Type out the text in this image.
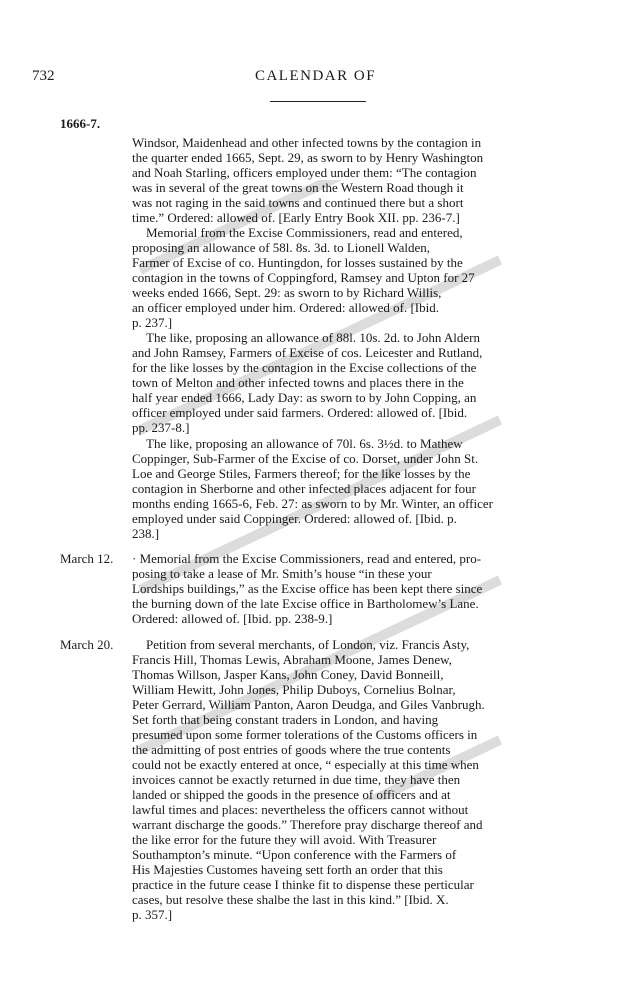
732	CALENDAR OF
1666-7.
Windsor, Maidenhead and other infected towns by the contagion in
the quarter ended 1665, Sept. 29, as sworn to by Henry Washington
and Noah Starling, officers employed under them: “The contagion
was in several of the great towns on the Western Road though it
was not raging in the said towns and continued there but a short
time.” Ordered: allowed of. [Early Entry Book XII. pp. 236-7.]
Memorial from the Excise Commissioners, read and entered,
proposing an allowance of 58l. 8s. 3d. to Lionell Walden,
Farmer of Excise of co. Huntingdon, for losses sustained by the
contagion in the towns of Coppingford, Ramsey and Upton for 27
weeks ended 1666, Sept. 29: as sworn to by Richard Willis,
an officer employed under him. Ordered: allowed of. [Ibid.
p. 237.]
The like, proposing an allowance of 88l. 10s. 2d. to John Aldern
and John Ramsey, Farmers of Excise of cos. Leicester and Rutland,
for the like losses by the contagion in the Excise collections of the
town of Melton and other infected towns and places there in the
half year ended 1666, Lady Day: as sworn to by John Copping, an
officer employed under said farmers. Ordered: allowed of. [Ibid.
pp. 237-8.]
The like, proposing an allowance of 70l. 6s. 3½d. to Mathew
Coppinger, Sub-Farmer of the Excise of co. Dorset, under John St.
Loe and George Stiles, Farmers thereof; for the like losses by the
contagion in Sherborne and other infected places adjacent for four
months ending 1665-6, Feb. 27: as sworn to by Mr. Winter, an officer
employed under said Coppinger. Ordered: allowed of. [Ibid. p.
238.]
March 12. · Memorial from the Excise Commissioners, read and entered, pro-
posing to take a lease of Mr. Smith’s house “in these your
Lordships buildings,” as the Excise office has been kept there since
the burning down of the late Excise office in Bartholomew’s Lane.
Ordered: allowed of. [Ibid. pp. 238-9.]
March 20.	Petition from several merchants, of London, viz. Francis Asty,
Francis Hill, Thomas Lewis, Abraham Moone, James Denew,
Thomas Willson, Jasper Kans, John Coney, David Bonneill,
William Hewitt, John Jones, Philip Duboys, Cornelius Bolnar,
Peter Gerrard, William Panton, Aaron Deudga, and Giles Vanbrugh.
Set forth that being constant traders in London, and having
presumed upon some former tolerations of the Customs officers in
the admitting of post entries of goods where the true contents
could not be exactly entered at once, “ especially at this time when
invoices cannot be exactly returned in due time, they have then
landed or shipped the goods in the presence of officers and at
lawful times and places: nevertheless the officers cannot without
warrant discharge the goods.” Therefore pray discharge thereof and
the like error for the future they will avoid. With Treasurer
Southampton’s minute. “Upon conference with the Farmers of
His Majesties Customes haveing sett forth an order that this
practice in the future cease I thinke fit to dispense these perticular
cases, but resolve these shalbe the last in this kind.” [Ibid. X.
p. 357.]
